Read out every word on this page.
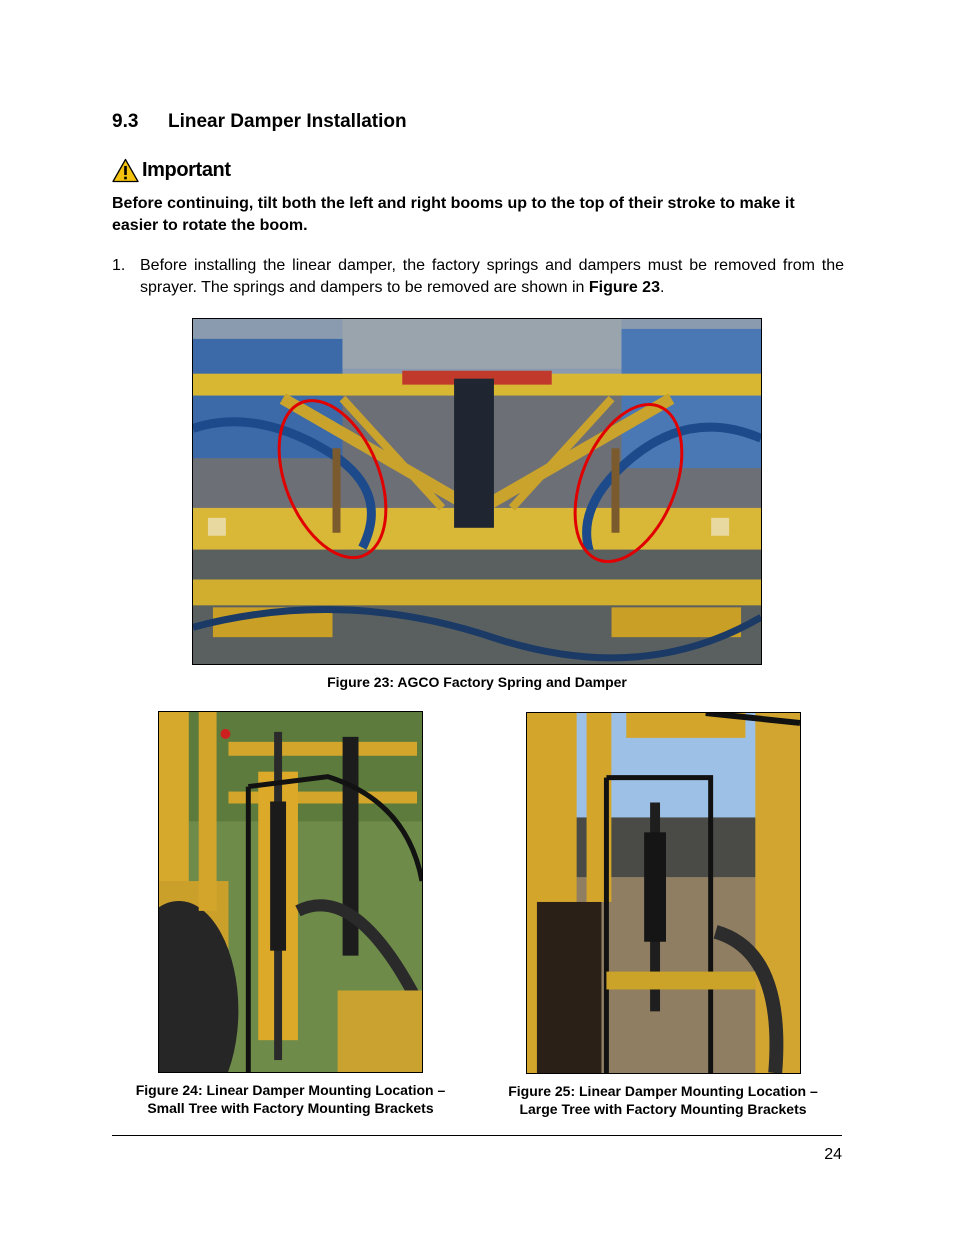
9.3 Linear Damper Installation
Important

Before continuing, tilt both the left and right booms up to the top of their stroke to make it easier to rotate the boom.

1. Before installing the linear damper, the factory springs and dampers must be removed from the sprayer. The springs and dampers to be removed are shown in Figure 23.

Figure 23: AGCO Factory Spring and Damper

Figure 24: Linear Damper Mounting Location –
Small Tree with Factory Mounting Brackets

Figure 25: Linear Damper Mounting Location –
Large Tree with Factory Mounting Brackets

24
